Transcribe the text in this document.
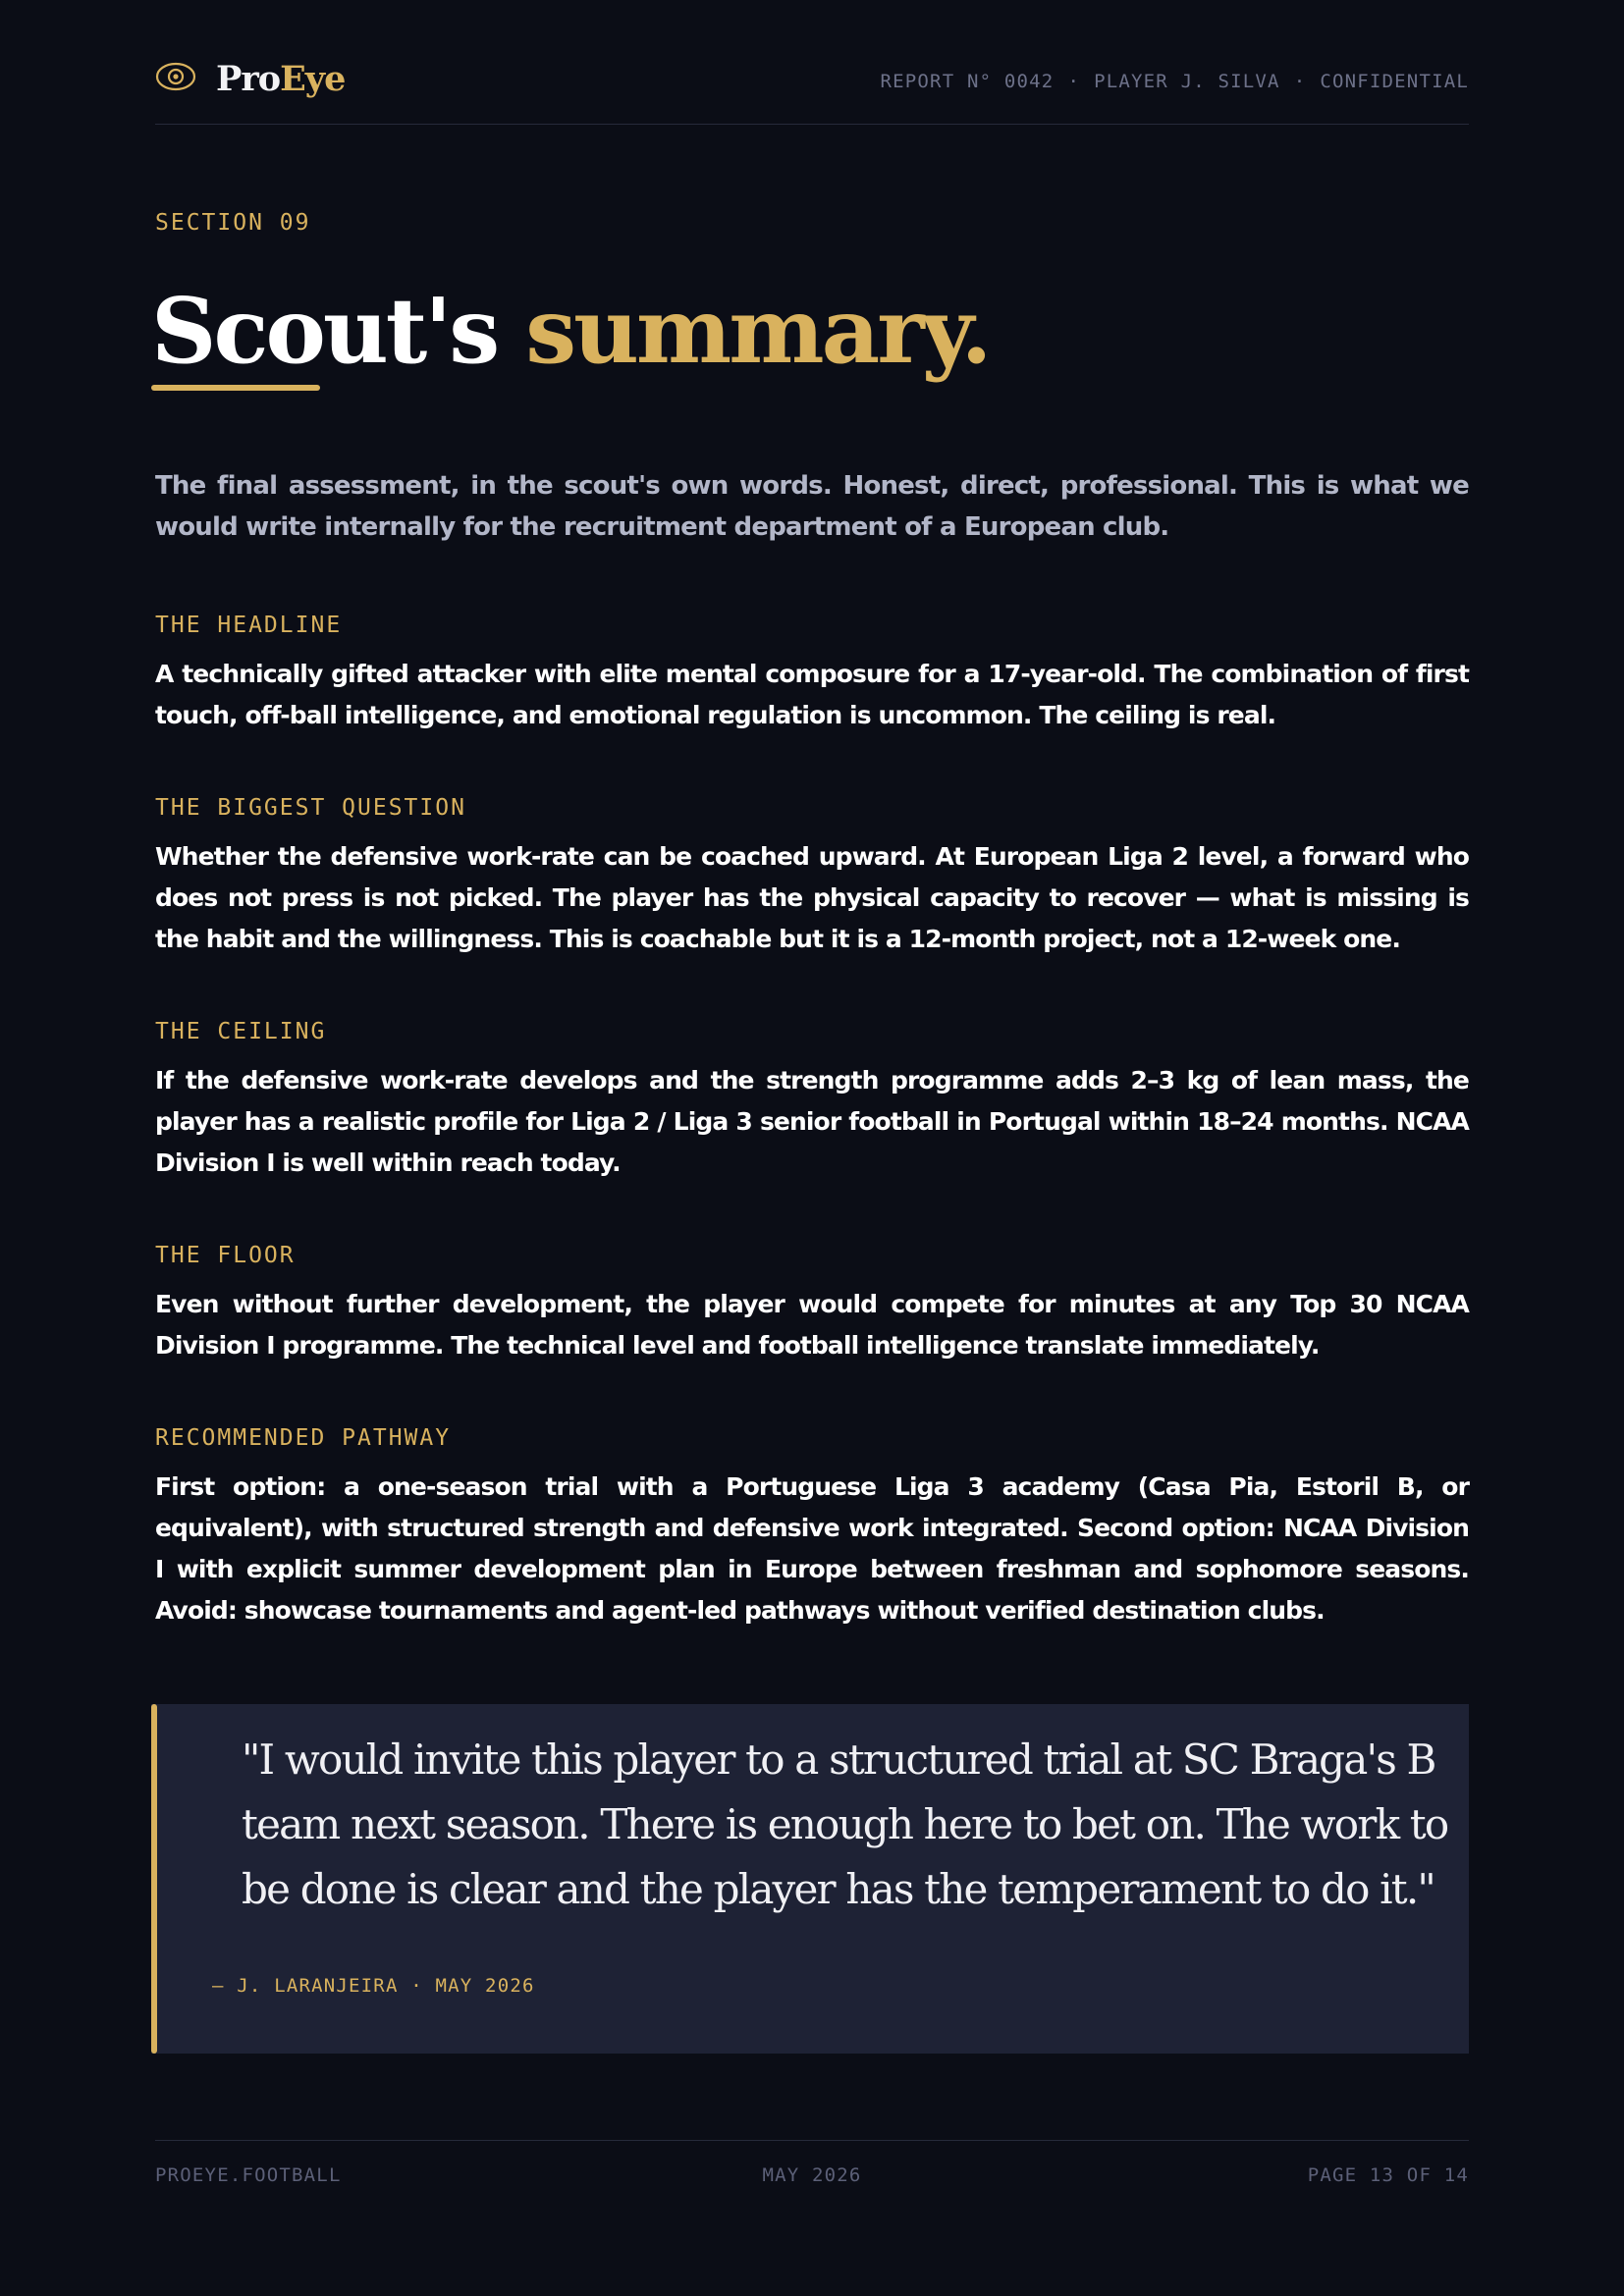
ProEye	REPORT N° 0042 · PLAYER J. SILVA · CONFIDENTIAL
SECTION 09
Scout's summary.

The final assessment, in the scout's own words. Honest, direct, professional. This is what we would write internally for the recruitment department of a European club.

THE HEADLINE

A technically gifted attacker with elite mental composure for a 17-year-old. The combination of first touch, off-ball intelligence, and emotional regulation is uncommon. The ceiling is real.

THE BIGGEST QUESTION

Whether the defensive work-rate can be coached upward. At European Liga 2 level, a forward who does not press is not picked. The player has the physical capacity to recover — what is missing is the habit and the willingness. This is coachable but it is a 12-month project, not a 12-week one.

THE CEILING

If the defensive work-rate develops and the strength programme adds 2–3 kg of lean mass, the player has a realistic profile for Liga 2 / Liga 3 senior football in Portugal within 18–24 months. NCAA Division I is well within reach today.

THE FLOOR

Even without further development, the player would compete for minutes at any Top 30 NCAA Division I programme. The technical level and football intelligence translate immediately.

RECOMMENDED PATHWAY

First option: a one-season trial with a Portuguese Liga 3 academy (Casa Pia, Estoril B, or equivalent), with structured strength and defensive work integrated. Second option: NCAA Division I with explicit summer development plan in Europe between freshman and sophomore seasons. Avoid: showcase tournaments and agent-led pathways without verified destination clubs.

"I would invite this player to a structured trial at SC Braga's B team next season. There is enough here to bet on. The work to be done is clear and the player has the temperament to do it."

— J. LARANJEIRA · MAY 2026
PROEYE.FOOTBALL	MAY 2026	PAGE 13 OF 14
